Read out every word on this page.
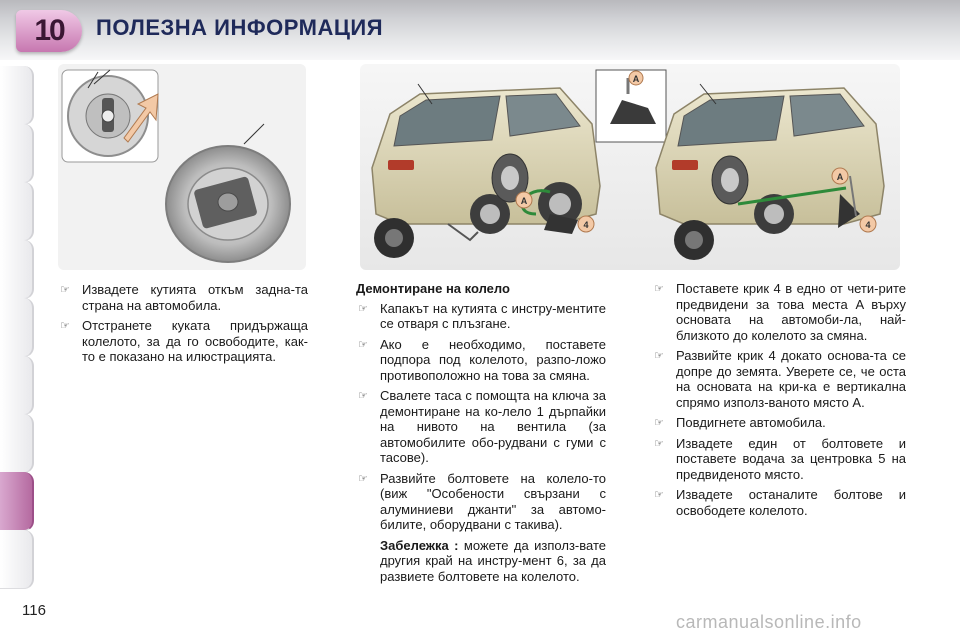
10	ПОЛЕЗНА ИНФОРМАЦИЯ
A
4
A
A
4
☞ Извадете кутията откъм задна-та страна на автомобила.
☞ Отстранете куката придържаща колелото, за да го освободите, как-то е показано на илюстрацията.
Демонтиране на колело
☞ Капакът на кутията с инстру-ментите се отваря с плъзгане.
☞ Ако е необходимо, поставете подпора под колелото, разпо-ложо противоположно на това за смяна.
☞ Свалете таса с помощта на ключа за демонтиране на ко-лело 1 дърпайки на нивото на вентила (за автомобилите обо-рудвани с гуми с тасове).
☞ Развийте болтовете на колело-то (виж "Особености свързани с алуминиеви джанти" за автомо-билите, оборудвани с такива).
Забележка : можете да използ-вате другия край на инстру-мент 6, за да развиете болтовете на колелото.
☞ Поставете крик 4 в едно от чети-рите предвидени за това места A върху основата на автомоби-ла, най-близкото до колелото за смяна.
☞ Развийте крик 4 докато основа-та се допре до земята. Уверете се, че оста на основата на кри-ка е вертикална спрямо използ-ваното място A.
☞ Повдигнете автомобила.
☞ Извадете един от болтовете и поставете водача за центровка 5 на предвиденото място.
☞ Извадете останалите болтове и освободете колелото.
116
carmanualsonline.info
